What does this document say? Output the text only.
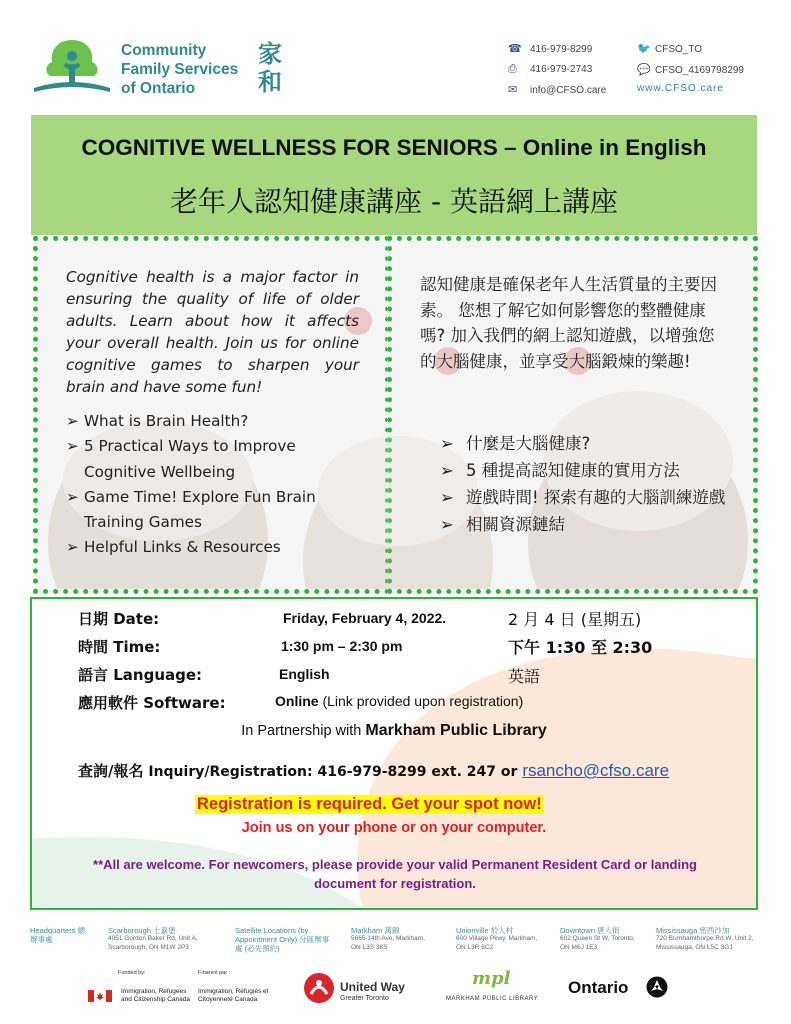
Community
Family Services
of Ontario
家
和
☎ 416-979-8299
⎙ 416-979-2743
✉ info@CFSO.care
🐦 CFSO_TO
💬 CFSO_4169798299
www.CFSO.care
COGNITIVE WELLNESS FOR SENIORS – Online in English
老年人認知健康講座 - 英語網上講座
Cognitive health is a major factor in ensuring the quality of life of older adults. Learn about how it affects your overall health. Join us for online cognitive games to sharpen your brain and have some fun!
➢ What is Brain Health?
➢ 5 Practical Ways to Improve Cognitive Wellbeing
➢ Game Time! Explore Fun Brain Training Games
➢ Helpful Links & Resources
認知健康是確保老年人生活質量的主要因素。 您想了解它如何影響您的整體健康嗎? 加入我們的網上認知遊戲，以增強您的大腦健康，並享受大腦鍛煉的樂趣!
➢ 什麼是大腦健康?
➢ 5 種提高認知健康的實用方法
➢ 遊戲時間! 探索有趣的大腦訓練遊戲
➢ 相關資源鏈結
日期 Date:	Friday, February 4, 2022.	2 月 4 日 (星期五)
時間 Time:	1:30 pm – 2:30 pm	下午 1:30 至 2:30
語言 Language:	English	英語
應用軟件 Software:	Online (Link provided upon registration)
In Partnership with Markham Public Library
查詢/報名 Inquiry/Registration: 416-979-8299 ext. 247 or rsancho@cfso.care
Registration is required. Get your spot now!
Join us on your phone or on your computer.
**All are welcome. For newcomers, please provide your valid Permanent Resident Card or landing document for registration.
Headquarters 總辦事處
Scarborough 士嘉堡
4051 Gordon Baker Rd, Unit A, Scarborough, ON M1W 2P3
Satellite Locations (by Appointment Only) 分區辦事處 (必先預約)
Markham 萬錦
5665 14th Ave, Markham, ON L3S 3K5
Unionville 於人村
600 Village Pkwy, Markham, ON L3R 6C2
Downtown 唐人街
602 Queen St W, Toronto, ON M6J 1E3
Mississauga 密西沙加
720 Burnhamthorpe Rd W, Unit 2, Mississauga, ON L5C 3G1
Funded by:	Financé par :
Immigration, Refugees and Citizenship Canada
Immigration, Réfugiés et Citoyenneté Canada
United Way
Greater Toronto
mpl
MARKHAM PUBLIC LIBRARY
Ontario
